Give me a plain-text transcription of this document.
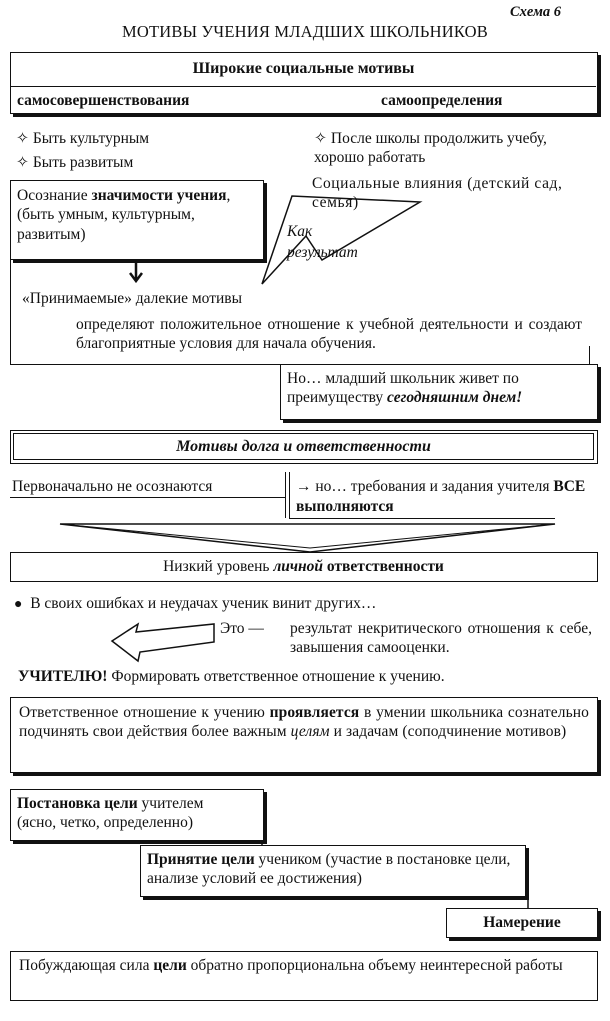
Схема 6
МОТИВЫ УЧЕНИЯ МЛАДШИХ ШКОЛЬНИКОВ
Широкие социальные мотивы
самосовершенствования	самоопределения
✧ Быть культурным
✧ Быть развитым
✧ После школы продолжить учебу, хорошо работать
Социальные влияния (детский сад, семья)
Осознание значимости учения, (быть умным, культурным, развитым)	Как результат
«Принимаемые» далекие мотивы
определяют положительное отношение к учебной деятельности и создают благоприятные условия для начала обучения.
Но… младший школьник живет по преимуществу сегодняшним днем!
Мотивы долга и ответственности
Первоначально не осознаются	→ но… требования и задания учителя ВСЕ выполняются
Низкий уровень личной ответственности
● В своих ошибках и неудачах ученик винит других…
Это — результат некритического отношения к себе, завышения самооценки.
УЧИТЕЛЮ! Формировать ответственное отношение к учению.
Ответственное отношение к учению проявляется в умении школьника сознательно подчинять свои действия более важным целям и задачам (соподчинение мотивов)
Постановка цели учителем
(ясно, четко, определенно)
Принятие цели учеником (участие в постановке цели, анализе условий ее достижения)
Намерение
Побуждающая сила цели обратно пропорциональна объему неинтересной работы
